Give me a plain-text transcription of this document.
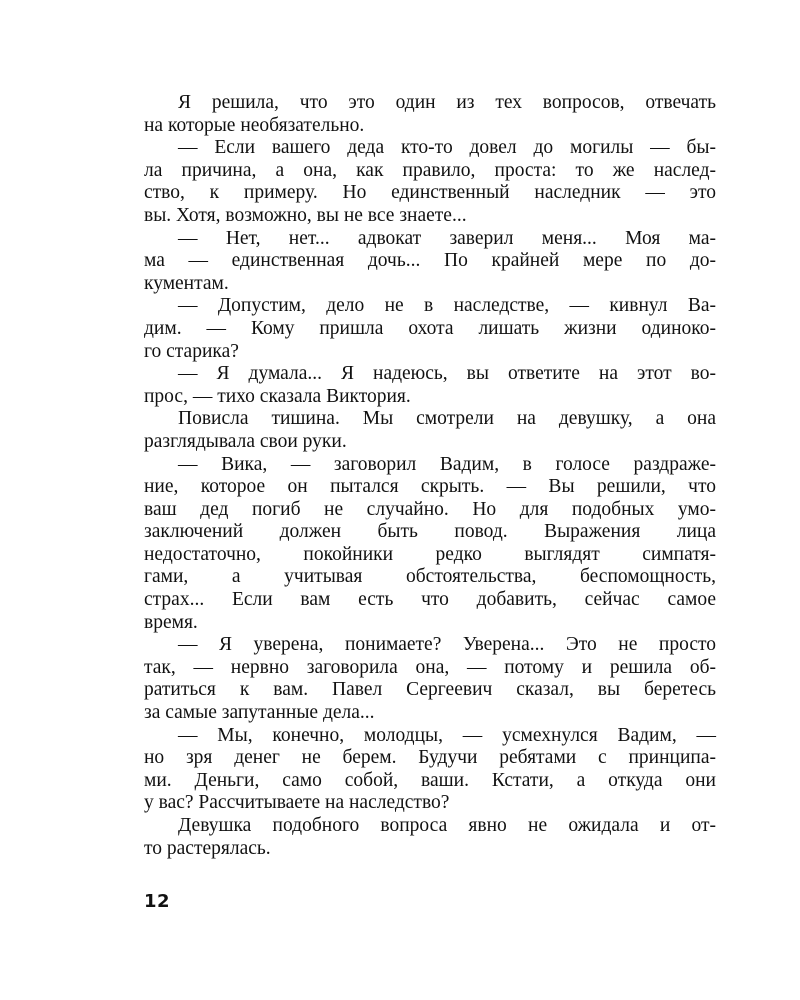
Я решила, что это один из тех вопросов, отвечать
на которые необязательно.
— Если вашего деда кто-то довел до могилы — бы-
ла причина, а она, как правило, проста: то же наслед-
ство, к примеру. Но единственный наследник — это
вы. Хотя, возможно, вы не все знаете...
— Нет, нет... адвокат заверил меня... Моя ма-
ма — единственная дочь... По крайней мере по до-
кументам.
— Допустим, дело не в наследстве, — кивнул Ва-
дим. — Кому пришла охота лишать жизни одиноко-
го старика?
— Я думала... Я надеюсь, вы ответите на этот во-
прос, — тихо сказала Виктория.
Повисла тишина. Мы смотрели на девушку, а она
разглядывала свои руки.
— Вика, — заговорил Вадим, в голосе раздраже-
ние, которое он пытался скрыть. — Вы решили, что
ваш дед погиб не случайно. Но для подобных умо-
заключений должен быть повод. Выражения лица
недостаточно, покойники редко выглядят симпатя-
гами, а учитывая обстоятельства, беспомощность,
страх... Если вам есть что добавить, сейчас самое
время.
— Я уверена, понимаете? Уверена... Это не просто
так, — нервно заговорила она, — потому и решила об-
ратиться к вам. Павел Сергеевич сказал, вы беретесь
за самые запутанные дела...
— Мы, конечно, молодцы, — усмехнулся Вадим, —
но зря денег не берем. Будучи ребятами с принципа-
ми. Деньги, само собой, ваши. Кстати, а откуда они
у вас? Рассчитываете на наследство?
Девушка подобного вопроса явно не ожидала и от-
то растерялась.
12
